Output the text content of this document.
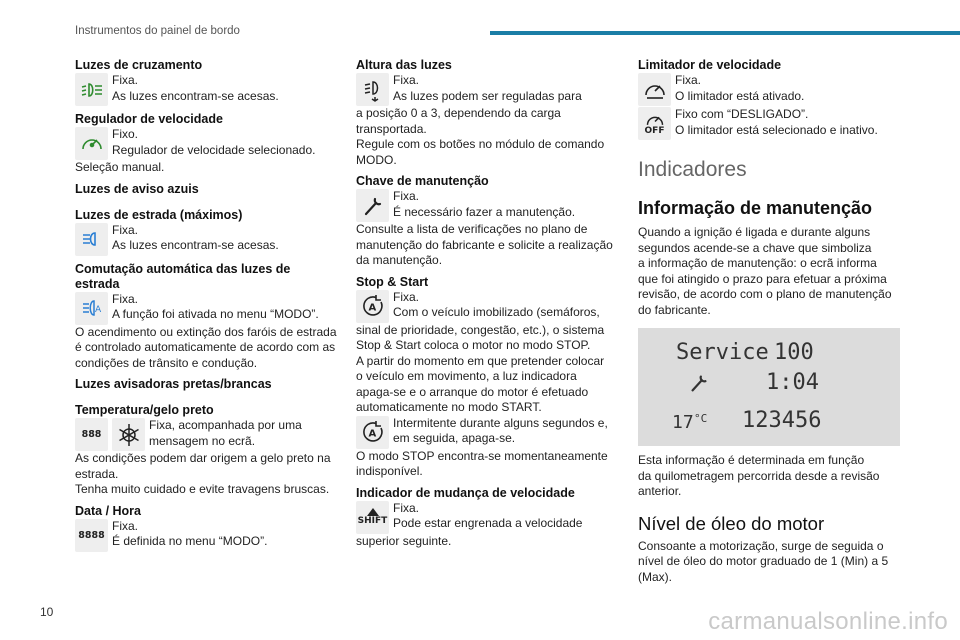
Instrumentos do painel de bordo
10
Luzes de cruzamento

Fixa.

As luzes encontram-se acesas.

Regulador de velocidade

Fixo.

Regulador de velocidade selecionado.

Seleção manual.

Luzes de aviso azuis
Luzes de estrada (máximos)

Fixa.

As luzes encontram-se acesas.

Comutação automática das luzes de
estrada
A

Fixa.

A função foi ativada no menu “MODO”.

O acendimento ou extinção dos faróis de estrada

é controlado automaticamente de acordo com as

condições de trânsito e condução.

Luzes avisadoras pretas/brancas
Temperatura/gelo preto
888

Fixa, acompanhada por uma

mensagem no ecrã.

As condições podem dar origem a gelo preto na

estrada.

Tenha muito cuidado e evite travagens bruscas.

Data / Hora
8888

Fixa.

É definida no menu “MODO”.

Altura das luzes

Fixa.

As luzes podem ser reguladas para

a posição 0 a 3, dependendo da carga

transportada.

Regule com os botões no módulo de comando

MODO.

Chave de manutenção

Fixa.

É necessário fazer a manutenção.

Consulte a lista de verificações no plano de

manutenção do fabricante e solicite a realização

da manutenção.

Stop & Start
A

Fixa.

Com o veículo imobilizado (semáforos,

sinal de prioridade, congestão, etc.), o sistema

Stop & Start coloca o motor no modo STOP.

A partir do momento em que pretender colocar

o veículo em movimento, a luz indicadora

apaga-se e o arranque do motor é efetuado

automaticamente no modo START.

A

Intermitente durante alguns segundos e,

em seguida, apaga-se.

O modo STOP encontra-se momentaneamente

indisponível.

Indicador de mudança de velocidade
SHIFT

Fixa.

Pode estar engrenada a velocidade

superior seguinte.

Limitador de velocidade

Fixa.

O limitador está ativado.

OFF

Fixo com “DESLIGADO”.

O limitador está selecionado e inativo.

Indicadores

Informação de manutenção

Quando a ignição é ligada e durante alguns

segundos acende-se a chave que simboliza

a informação de manutenção: o ecrã informa

que foi atingido o prazo para efetuar a próxima

revisão, de acordo com o plano de manutenção

do fabricante.

Service 100
1:04
17 °C 123456

Esta informação é determinada em função

da quilometragem percorrida desde a revisão

anterior.

Nível de óleo do motor

Consoante a motorização, surge de seguida o

nível de óleo do motor graduado de 1 (Min) a 5

(Max).

carmanualsonline.info
